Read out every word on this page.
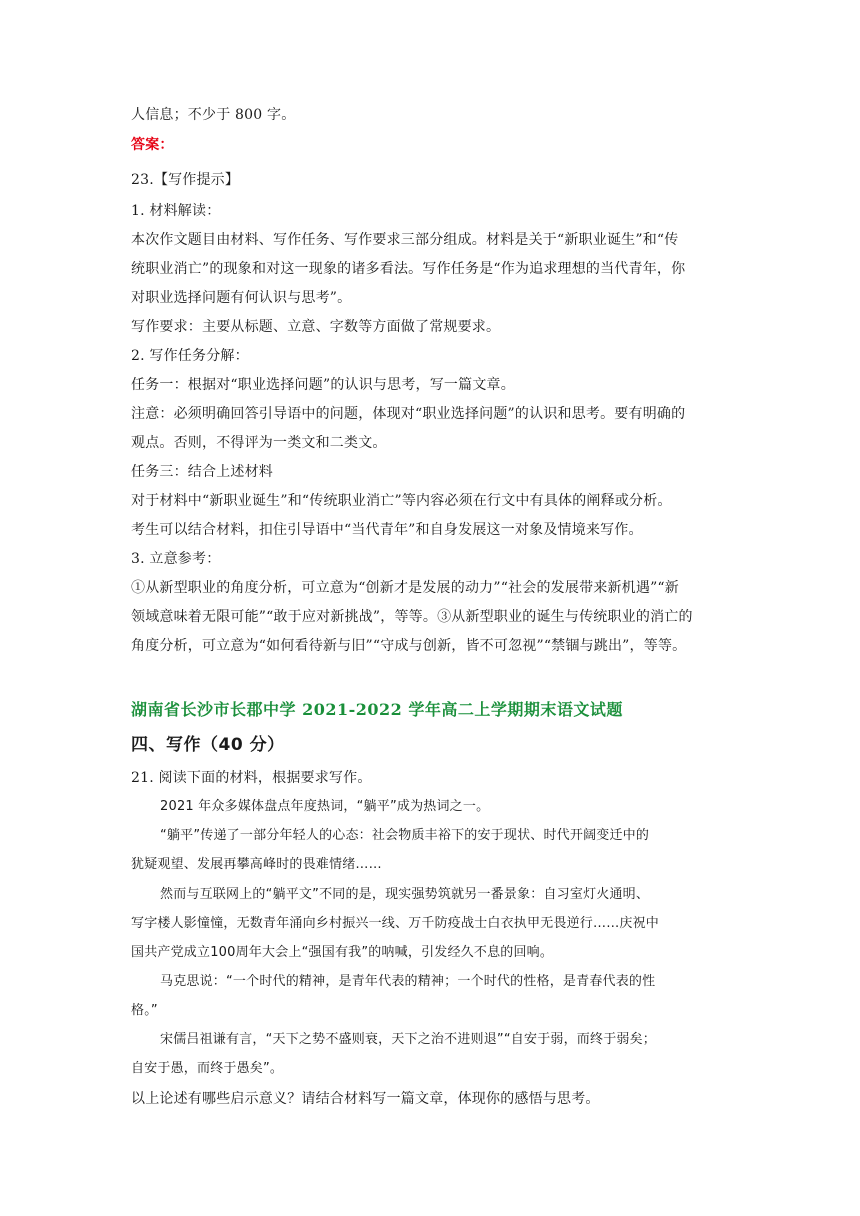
人信息；不少于 800 字。
答案：
23.【写作提示】
1. 材料解读：
本次作文题目由材料、写作任务、写作要求三部分组成。材料是关于“新职业诞生”和“传
统职业消亡”的现象和对这一现象的诸多看法。写作任务是“作为追求理想的当代青年，你
对职业选择问题有何认识与思考”。
写作要求：主要从标题、立意、字数等方面做了常规要求。
2. 写作任务分解：
任务一：根据对“职业选择问题”的认识与思考，写一篇文章。
注意：必须明确回答引导语中的问题，体现对“职业选择问题”的认识和思考。要有明确的
观点。否则，不得评为一类文和二类文。
任务三：结合上述材料
对于材料中“新职业诞生”和“传统职业消亡”等内容必须在行文中有具体的阐释或分析。
考生可以结合材料，扣住引导语中“当代青年”和自身发展这一对象及情境来写作。
3. 立意参考：
①从新型职业的角度分析，可立意为“创新才是发展的动力”“社会的发展带来新机遇”“新
领域意味着无限可能”“敢于应对新挑战”，等等。③从新型职业的诞生与传统职业的消亡的
角度分析，可立意为“如何看待新与旧”“守成与创新，皆不可忽视”“禁锢与跳出”，等等。
湖南省长沙市长郡中学 2021-2022 学年高二上学期期末语文试题
四、写作（40 分）
21. 阅读下面的材料，根据要求写作。
2021 年众多媒体盘点年度热词，“躺平”成为热词之一。
“躺平”传递了一部分年轻人的心态：社会物质丰裕下的安于现状、时代开阔变迁中的
犹疑观望、发展再攀高峰时的畏难情绪……
然而与互联网上的“躺平文”不同的是，现实强势筑就另一番景象：自习室灯火通明、
写字楼人影憧憧，无数青年涌向乡村振兴一线、万千防疫战士白衣执甲无畏逆行……庆祝中
国共产党成立100周年大会上“强国有我”的呐喊，引发经久不息的回响。
马克思说：“一个时代的精神，是青年代表的精神；一个时代的性格，是青春代表的性
格。”
宋儒吕祖谦有言，“天下之势不盛则衰，天下之治不进则退”“自安于弱，而终于弱矣；
自安于愚，而终于愚矣”。
以上论述有哪些启示意义？请结合材料写一篇文章，体现你的感悟与思考。
